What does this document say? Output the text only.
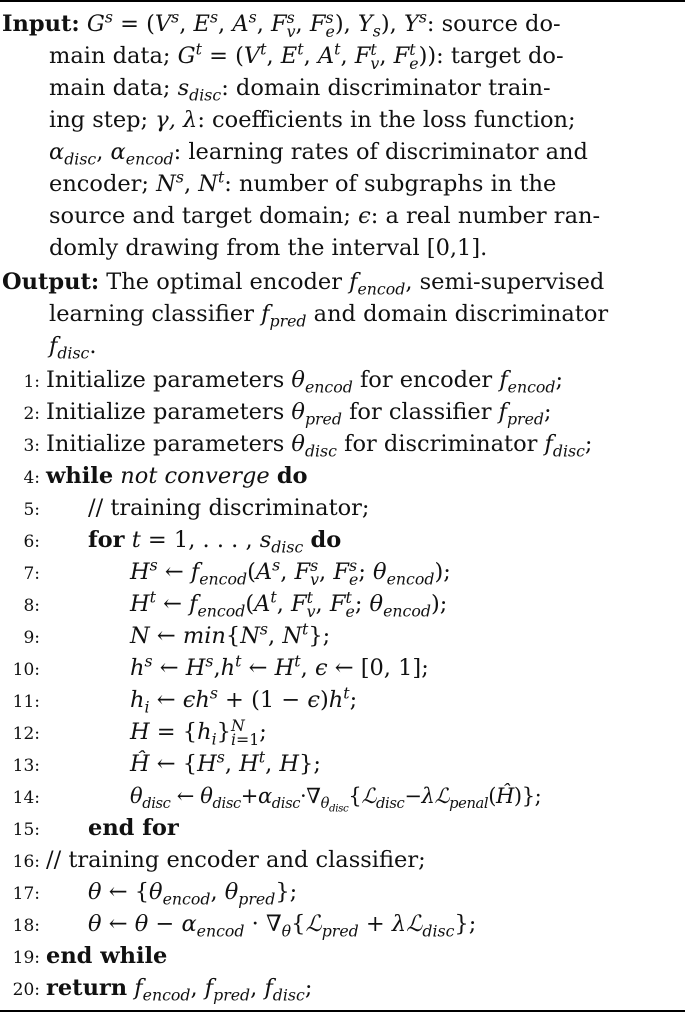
Input: $G^s = (V^s$, $E^s$, $A^s$, F s
v , F s
e ), $Y_s$), $Y^s$: source do-
main data; $G^t = (V^t$, $E^t$, $A^t$, F t
v , F t
e )): target do-
main data; $s_{disc}$: domain discriminator train-
ing step; γ, λ: coefficients in the loss function;
$\alpha_{disc}$, $\alpha_{encod}$: learning rates of discriminator and
encoder; $N^s$, $N^t$: number of subgraphs in the
source and target domain; ϵ: a real number ran-
domly drawing from the interval [0,1].
Output: The optimal encoder $f_{encod}$, semi-supervised
learning classifier $f_{pred}$ and domain discriminator
$f_{disc}$.
1: Initialize parameters $\theta_{encod}$ for encoder $f_{encod}$;
2: Initialize parameters $\theta_{pred}$ for classifier $f_{pred}$;
3: Initialize parameters $\theta_{disc}$ for discriminator $f_{disc}$;
4: while not converge do
5: // training discriminator;
6: for t = 1, . . . , $s_{disc}$ do
7:	$H^s$ ← $f_{encod}(A^s$, F s
v , F s
e ; $\theta_{encod}$);
8:	$H^t$ ← $f_{encod}(A^t$, F t
v , F t
e ; $\theta_{encod}$);
9:	N ← $\min\{N^s$, $N^t$};
10:	$h^s$ ← $H^s,h^t$ ← $H^t$, ϵ ← [0, 1];
11:	$h_i$ ← $\epsilon h^s + (1 - \epsilon)h^t$;
12:	$H = \{h_i\}$ N
i=1 ;
13:	Ĥ ← {$H^s$, $H^t$, H};
14:	$\theta_{disc}$ ← $\theta_{disc}+\alpha_{disc}\cdot\nabla_{\theta_{disc}}\{ℒ_{disc}-\lambda ℒ_{penal}(Ĥ)\}$;
15: end for
16: // training encoder and classifier;
17: θ ← {$\theta_{encod}$, $\theta_{pred}$};
18: θ ← $\theta - \alpha_{encod}$ · $\nabla_\theta\{ℒ_{pred}$ + λℒ$_{disc}$};
19: end while
20: return $f_{encod}$, $f_{pred}$, $f_{disc}$;
